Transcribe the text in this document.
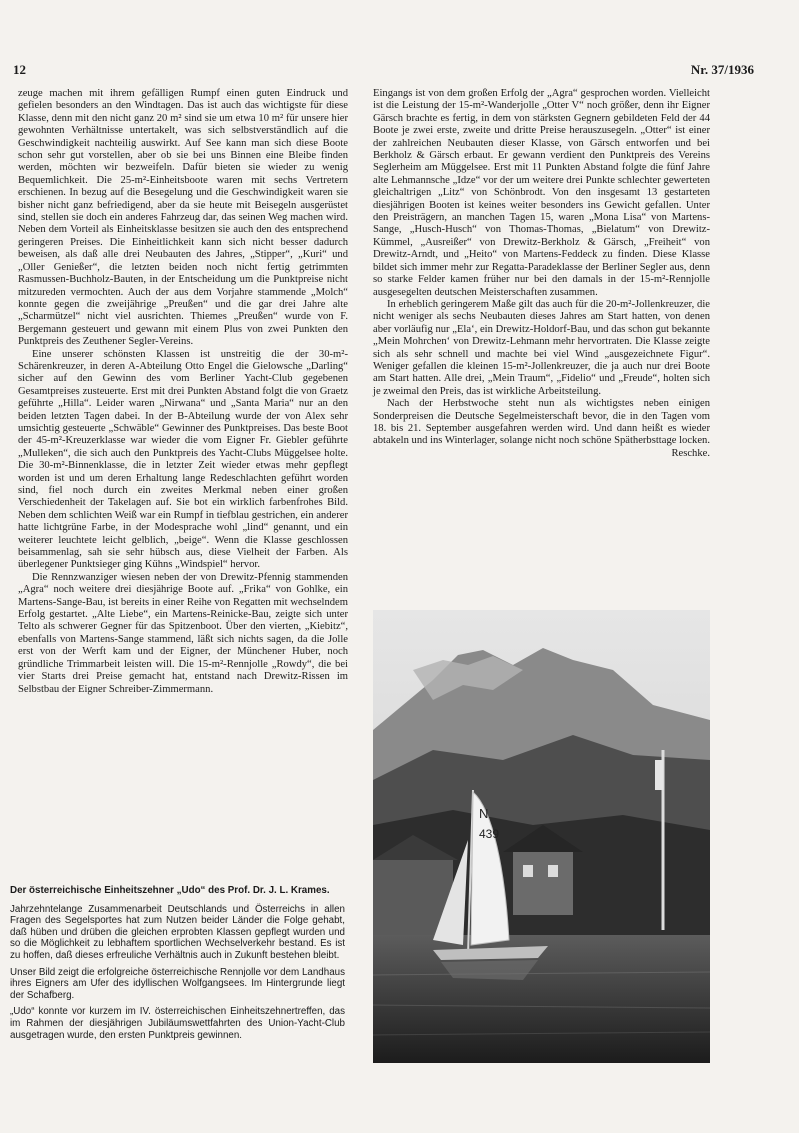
12	Nr. 37/1936

zeuge machen mit ihrem gefälligen Rumpf einen guten Eindruck und gefielen besonders an den Windtagen. Das ist auch das wichtigste für diese Klasse, denn mit den nicht ganz 20 m² sind sie um etwa 10 m² für unsere hier gewohnten Verhältnisse untertakelt, was sich selbstverständlich auf die Geschwindigkeit nachteilig auswirkt. Auf See kann man sich diese Boote schon sehr gut vorstellen, aber ob sie bei uns Binnen eine Bleibe finden werden, möchten wir bezweifeln. Dafür bieten sie wieder zu wenig Bequemlichkeit. Die 25-m²-Einheitsboote waren mit sechs Vertretern erschienen. In bezug auf die Besegelung und die Geschwindigkeit waren sie bisher nicht ganz befriedigend, aber da sie heute mit Beisegeln ausgerüstet sind, stellen sie doch ein anderes Fahrzeug dar, das seinen Weg machen wird. Neben dem Vorteil als Einheitsklasse besitzen sie auch den des entsprechend geringeren Preises. Die Einheitlichkeit kann sich nicht besser dadurch beweisen, als daß alle drei Neubauten des Jahres, „Stipper“, „Kuri“ und „Oller Genießer“, die letzten beiden noch nicht fertig getrimmten Rasmussen-Buchholz-Bauten, in der Entscheidung um die Punktpreise nicht mitzureden vermochten. Auch der aus dem Vorjahre stammende „Molch“ konnte gegen die zweijährige „Preußen“ und die gar drei Jahre alte „Scharmützel“ nicht viel ausrichten. Thiemes „Preußen“ wurde von F. Bergemann gesteuert und gewann mit einem Plus von zwei Punkten den Punktpreis des Zeuthener Segler-Vereins.

Eine unserer schönsten Klassen ist unstreitig die der 30-m²-Schärenkreuzer, in deren A-Abteilung Otto Engel die Gielowsche „Darling“ sicher auf den Gewinn des vom Berliner Yacht-Club gegebenen Gesamtpreises zusteuerte. Erst mit drei Punkten Abstand folgt die von Graetz geführte „Hilla“. Leider waren „Nirwana“ und „Santa Maria“ nur an den beiden letzten Tagen dabei. In der B-Abteilung wurde der von Alex sehr umsichtig gesteuerte „Schwäble“ Gewinner des Punktpreises. Das beste Boot der 45-m²-Kreuzerklasse war wieder die vom Eigner Fr. Giebler geführte „Mulleken“, die sich auch den Punktpreis des Yacht-Clubs Müggelsee holte. Die 30-m²-Binnenklasse, die in letzter Zeit wieder etwas mehr gepflegt worden ist und um deren Erhaltung lange Redeschlachten geführt worden sind, fiel noch durch ein zweites Merkmal neben einer großen Verschiedenheit der Takelagen auf. Sie bot ein wirklich farbenfrohes Bild. Neben dem schlichten Weiß war ein Rumpf in tiefblau gestrichen, ein anderer hatte lichtgrüne Farbe, in der Modesprache wohl „lind“ genannt, und ein weiterer leuchtete leicht gelblich, „beige“. Wenn die Klasse geschlossen beisammenlag, sah sie sehr hübsch aus, diese Vielheit der Farben. Als überlegener Punktsieger ging Kühns „Windspiel“ hervor.

Die Rennzwanziger wiesen neben der von Drewitz-Pfennig stammenden „Agra“ noch weitere drei diesjährige Boote auf. „Frika“ von Gohlke, ein Martens-Sange-Bau, ist bereits in einer Reihe von Regatten mit wechselndem Erfolg gestartet. „Alte Liebe“, ein Martens-Reinicke-Bau, zeigte sich unter Telto als schwerer Gegner für das Spitzenboot. Über den vierten, „Kiebitz“, ebenfalls von Martens-Sange stammend, läßt sich nichts sagen, da die Jolle erst von der Werft kam und der Eigner, der Münchener Huber, noch gründliche Trimmarbeit leisten will. Die 15-m²-Rennjolle „Rowdy“, die bei vier Starts drei Preise gemacht hat, entstand nach Drewitz-Rissen im Selbstbau der Eigner Schreiber-Zimmermann.

Eingangs ist von dem großen Erfolg der „Agra“ gesprochen worden. Vielleicht ist die Leistung der 15-m²-Wanderjolle „Otter V“ noch größer, denn ihr Eigner Gärsch brachte es fertig, in dem von stärksten Gegnern gebildeten Feld der 44 Boote je zwei erste, zweite und dritte Preise herauszusegeln. „Otter“ ist einer der zahlreichen Neubauten dieser Klasse, von Gärsch entworfen und bei Berkholz & Gärsch erbaut. Er gewann verdient den Punktpreis des Vereins Seglerheim am Müggelsee. Erst mit 11 Punkten Abstand folgte die fünf Jahre alte Lehmannsche „Idze“ vor der um weitere drei Punkte schlechter gewerteten gleichaltrigen „Litz“ von Schönbrodt. Von den insgesamt 13 gestarteten diesjährigen Booten ist keines weiter besonders ins Gewicht gefallen. Unter den Preisträgern, an manchen Tagen 15, waren „Mona Lisa“ von Martens-Sange, „Husch-Husch“ von Thomas-Thomas, „Bielatum“ von Drewitz-Kümmel, „Ausreißer“ von Drewitz-Berkholz & Gärsch, „Freiheit“ von Drewitz-Arndt, und „Heito“ von Martens-Feddeck zu finden. Diese Klasse bildet sich immer mehr zur Regatta-Paradeklasse der Berliner Segler aus, denn so starke Felder kamen früher nur bei den damals in der 15-m²-Rennjolle ausgesegelten deutschen Meisterschaften zusammen.

In erheblich geringerem Maße gilt das auch für die 20-m²-Jollenkreuzer, die nicht weniger als sechs Neubauten dieses Jahres am Start hatten, von denen aber vorläufig nur „Ela‘, ein Drewitz-Holdorf-Bau, und das schon gut bekannte „Mein Mohrchen‘ von Drewitz-Lehmann mehr hervortraten. Die Klasse zeigte sich als sehr schnell und machte bei viel Wind „ausgezeichnete Figur“. Weniger gefallen die kleinen 15-m²-Jollenkreuzer, die ja auch nur drei Boote am Start hatten. Alle drei, „Mein Traum“, „Fidelio“ und „Freude“, holten sich je zweimal den Preis, das ist wirkliche Arbeitsteilung.

Nach der Herbstwoche steht nun als wichtigstes neben einigen Sonderpreisen die Deutsche Segelmeisterschaft bevor, die in den Tagen vom 18. bis 21. September ausgefahren werden wird. Und dann heißt es wieder abtakeln und ins Winterlager, solange nicht noch schöne Spätherbsttage locken.

Reschke.

Der österreichische Einheitszehner „Udo“ des Prof. Dr. J. L. Krames.

Jahrzehntelange Zusammenarbeit Deutschlands und Österreichs in allen Fragen des Segelsportes hat zum Nutzen beider Länder die Folge gehabt, daß hüben und drüben die gleichen erprobten Klassen gepflegt wurden und so die Möglichkeit zu lebhaftem sportlichen Wechselverkehr bestand. Es ist zu hoffen, daß dieses erfreuliche Verhältnis auch in Zukunft bestehen bleibt.

Unser Bild zeigt die erfolgreiche österreichische Rennjolle vor dem Landhaus ihres Eigners am Ufer des idyllischen Wolfgangsees. Im Hintergrunde liegt der Schafberg.

„Udo“ konnte vor kurzem im IV. österreichischen Einheitszehnertreffen, das im Rahmen der diesjährigen Jubiläumswettfahrten des Union-Yacht-Club ausgetragen wurde, den ersten Punktpreis gewinnen.

N
439
